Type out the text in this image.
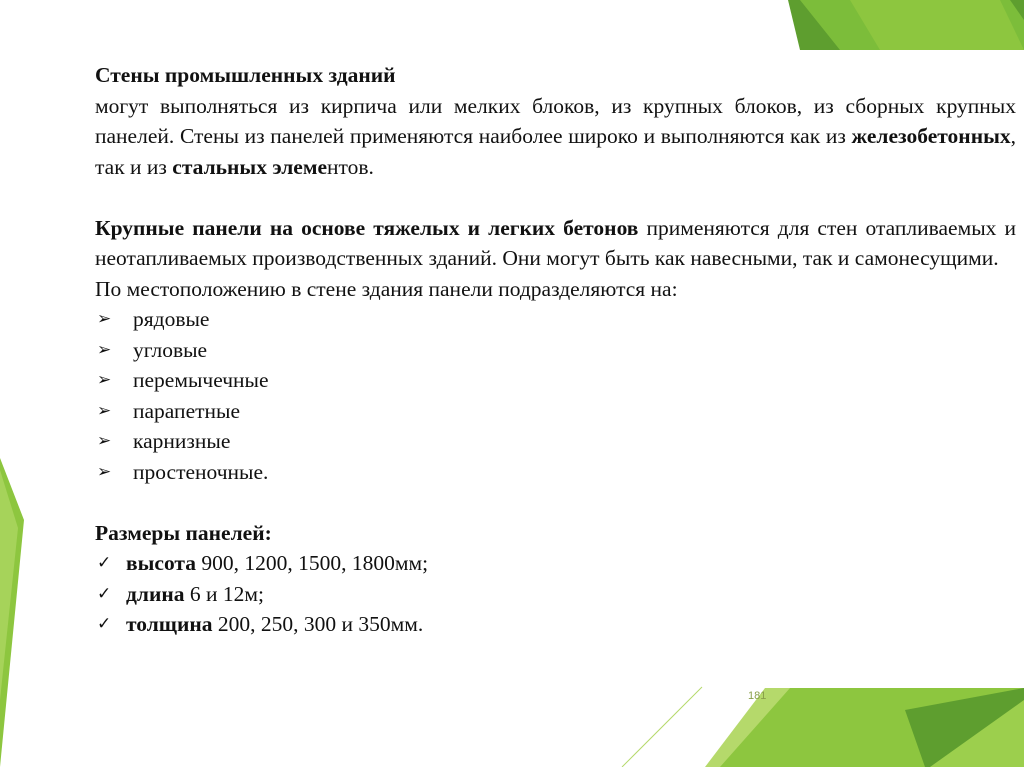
Стены промышленных зданий

могут выполняться из кирпича или мелких блоков, из крупных блоков, из сборных крупных панелей. Стены из панелей применяются наиболее широко и выполняются как из железобетонных, так и из стальных элементов.

Крупные панели на основе тяжелых и легких бетонов применяются для стен отапливаемых и неотапливаемых производственных зданий. Они могут быть как навесными, так и самонесущими.

По местоположению в стене здания панели подразделяются на:

➢ рядовые
➢ угловые
➢ перемычечные
➢ парапетные
➢ карнизные
➢ простеночные.

Размеры панелей:

✓ высота 900, 1200, 1500, 1800мм;
✓ длина 6 и 12м;
✓ толщина 200, 250, 300 и 350мм.
181
